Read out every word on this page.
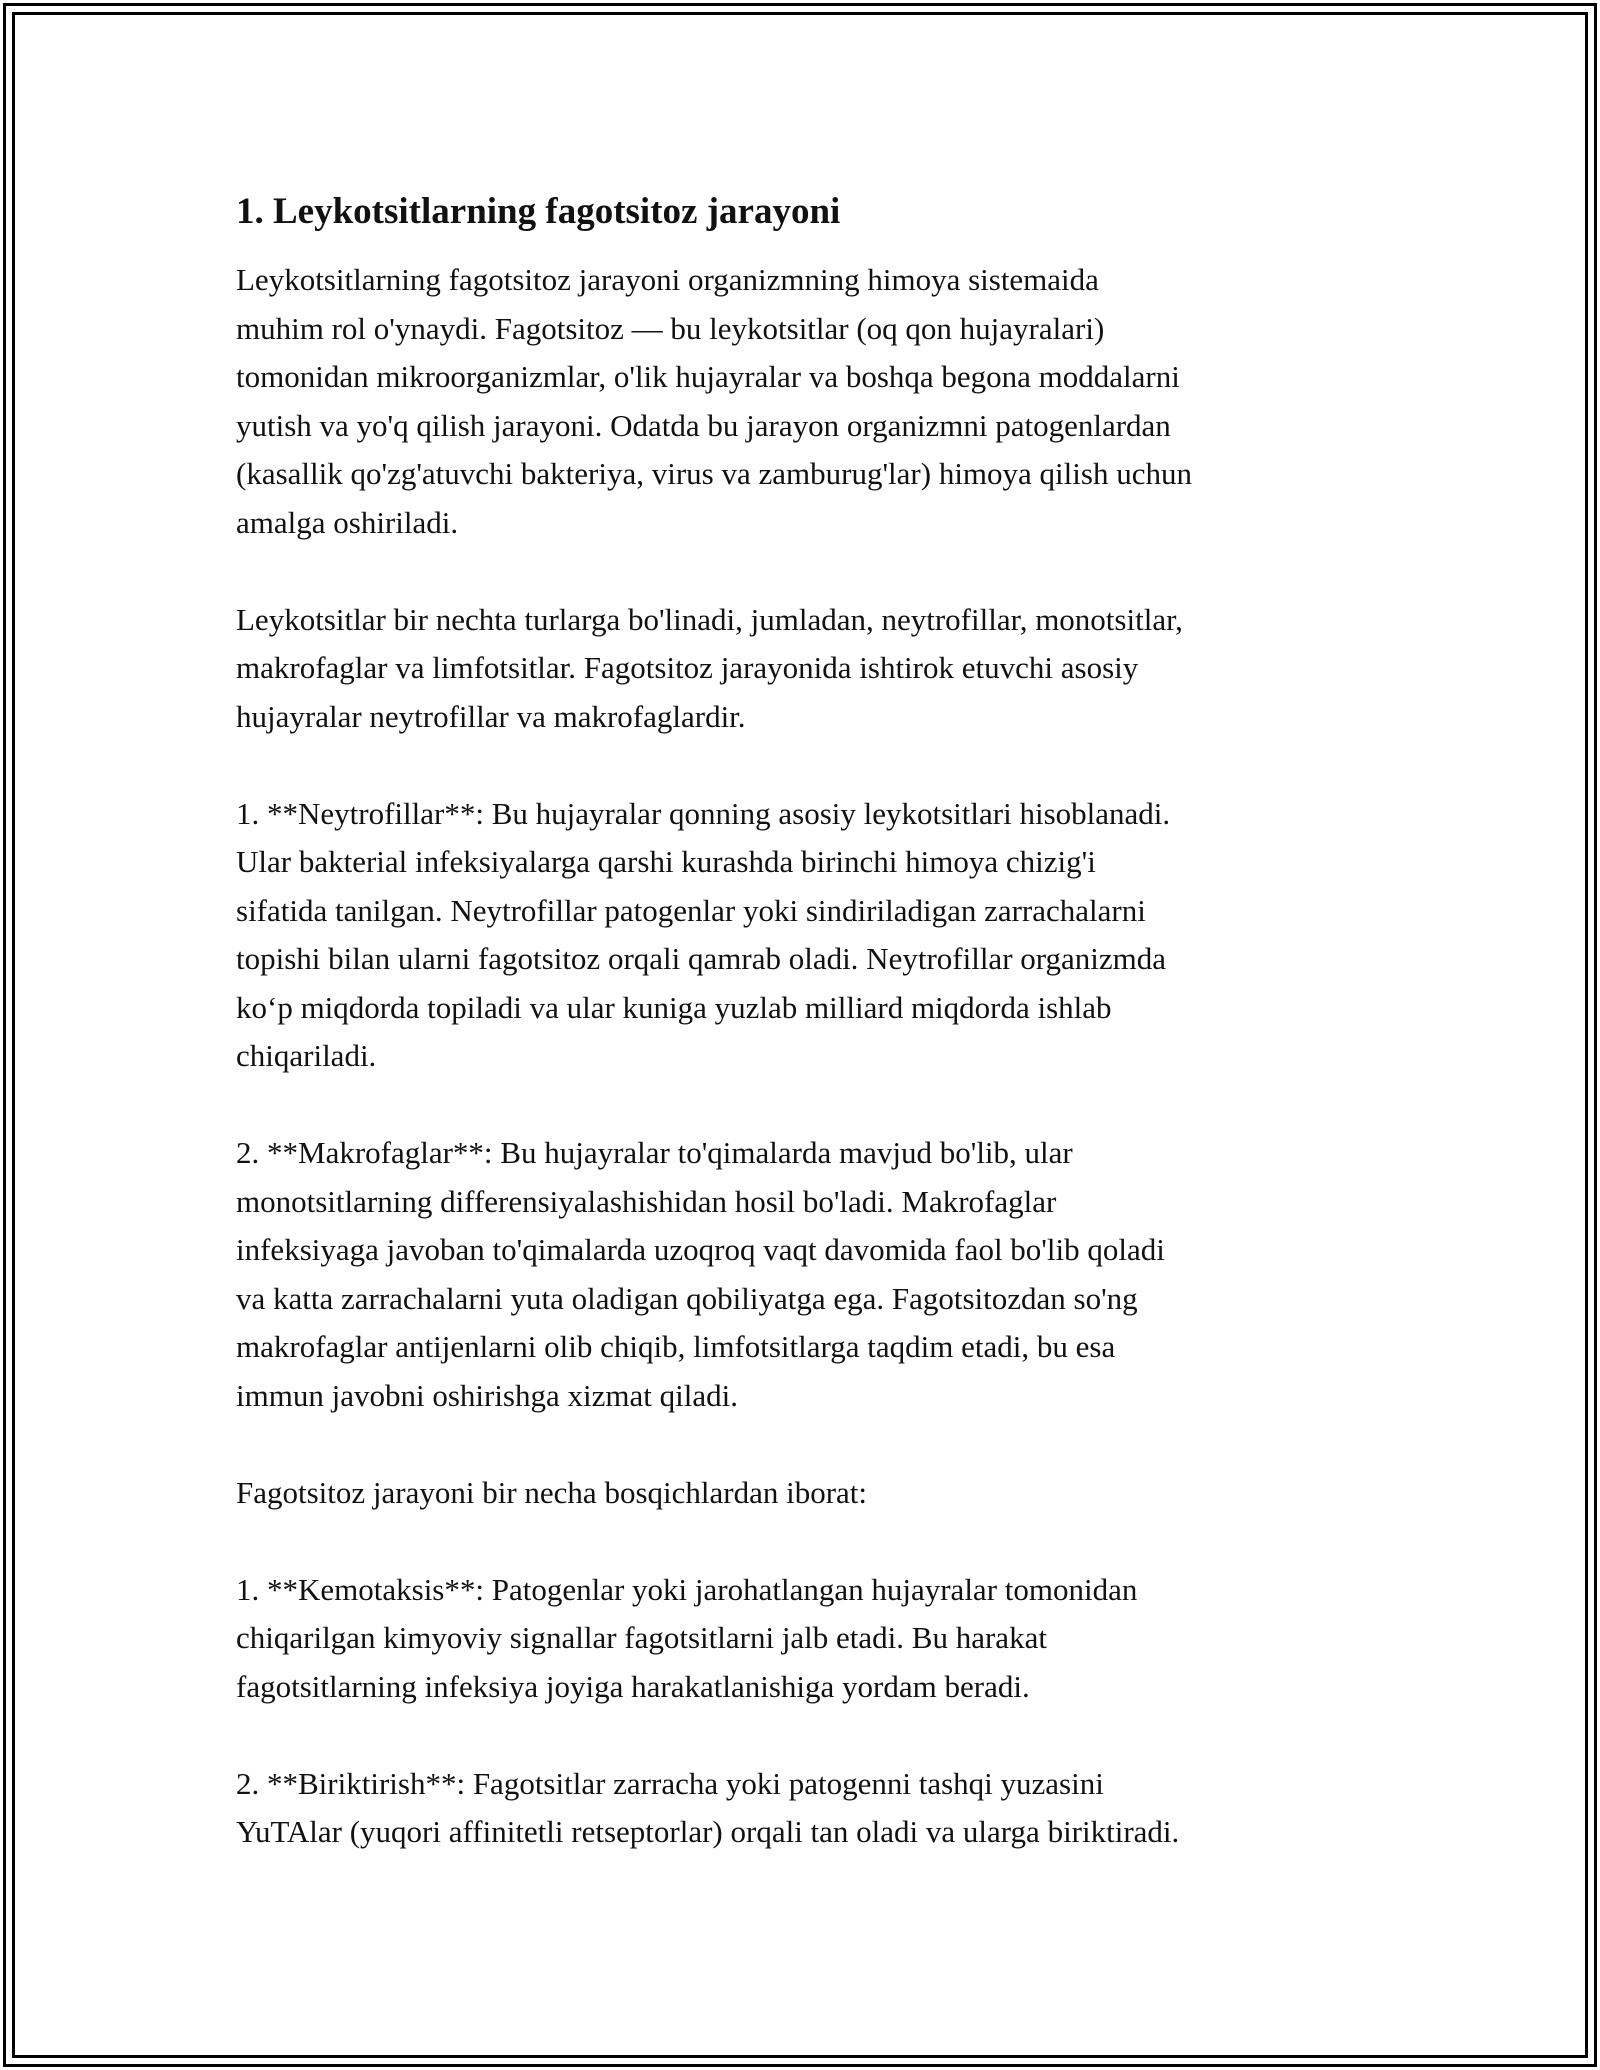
1. Leykotsitlarning fagotsitoz jarayoni

Leykotsitlarning fagotsitoz jarayoni organizmning himoya sistemaida
muhim rol o'ynaydi. Fagotsitoz — bu leykotsitlar (oq qon hujayralari)
tomonidan mikroorganizmlar, o'lik hujayralar va boshqa begona moddalarni
yutish va yo'q qilish jarayoni. Odatda bu jarayon organizmni patogenlardan
(kasallik qo'zg'atuvchi bakteriya, virus va zamburug'lar) himoya qilish uchun
amalga oshiriladi.

Leykotsitlar bir nechta turlarga bo'linadi, jumladan, neytrofillar, monotsitlar,
makrofaglar va limfotsitlar. Fagotsitoz jarayonida ishtirok etuvchi asosiy
hujayralar neytrofillar va makrofaglardir.

1. **Neytrofillar**: Bu hujayralar qonning asosiy leykotsitlari hisoblanadi.
Ular bakterial infeksiyalarga qarshi kurashda birinchi himoya chizig'i
sifatida tanilgan. Neytrofillar patogenlar yoki sindiriladigan zarrachalarni
topishi bilan ularni fagotsitoz orqali qamrab oladi. Neytrofillar organizmda
ko‘p miqdorda topiladi va ular kuniga yuzlab milliard miqdorda ishlab
chiqariladi.

2. **Makrofaglar**: Bu hujayralar to'qimalarda mavjud bo'lib, ular
monotsitlarning differensiyalashishidan hosil bo'ladi. Makrofaglar
infeksiyaga javoban to'qimalarda uzoqroq vaqt davomida faol bo'lib qoladi
va katta zarrachalarni yuta oladigan qobiliyatga ega. Fagotsitozdan so'ng
makrofaglar antijenlarni olib chiqib, limfotsitlarga taqdim etadi, bu esa
immun javobni oshirishga xizmat qiladi.

Fagotsitoz jarayoni bir necha bosqichlardan iborat:

1. **Kemotaksis**: Patogenlar yoki jarohatlangan hujayralar tomonidan
chiqarilgan kimyoviy signallar fagotsitlarni jalb etadi. Bu harakat
fagotsitlarning infeksiya joyiga harakatlanishiga yordam beradi.

2. **Biriktirish**: Fagotsitlar zarracha yoki patogenni tashqi yuzasini
YuTAlar (yuqori affinitetli retseptorlar) orqali tan oladi va ularga biriktiradi.
